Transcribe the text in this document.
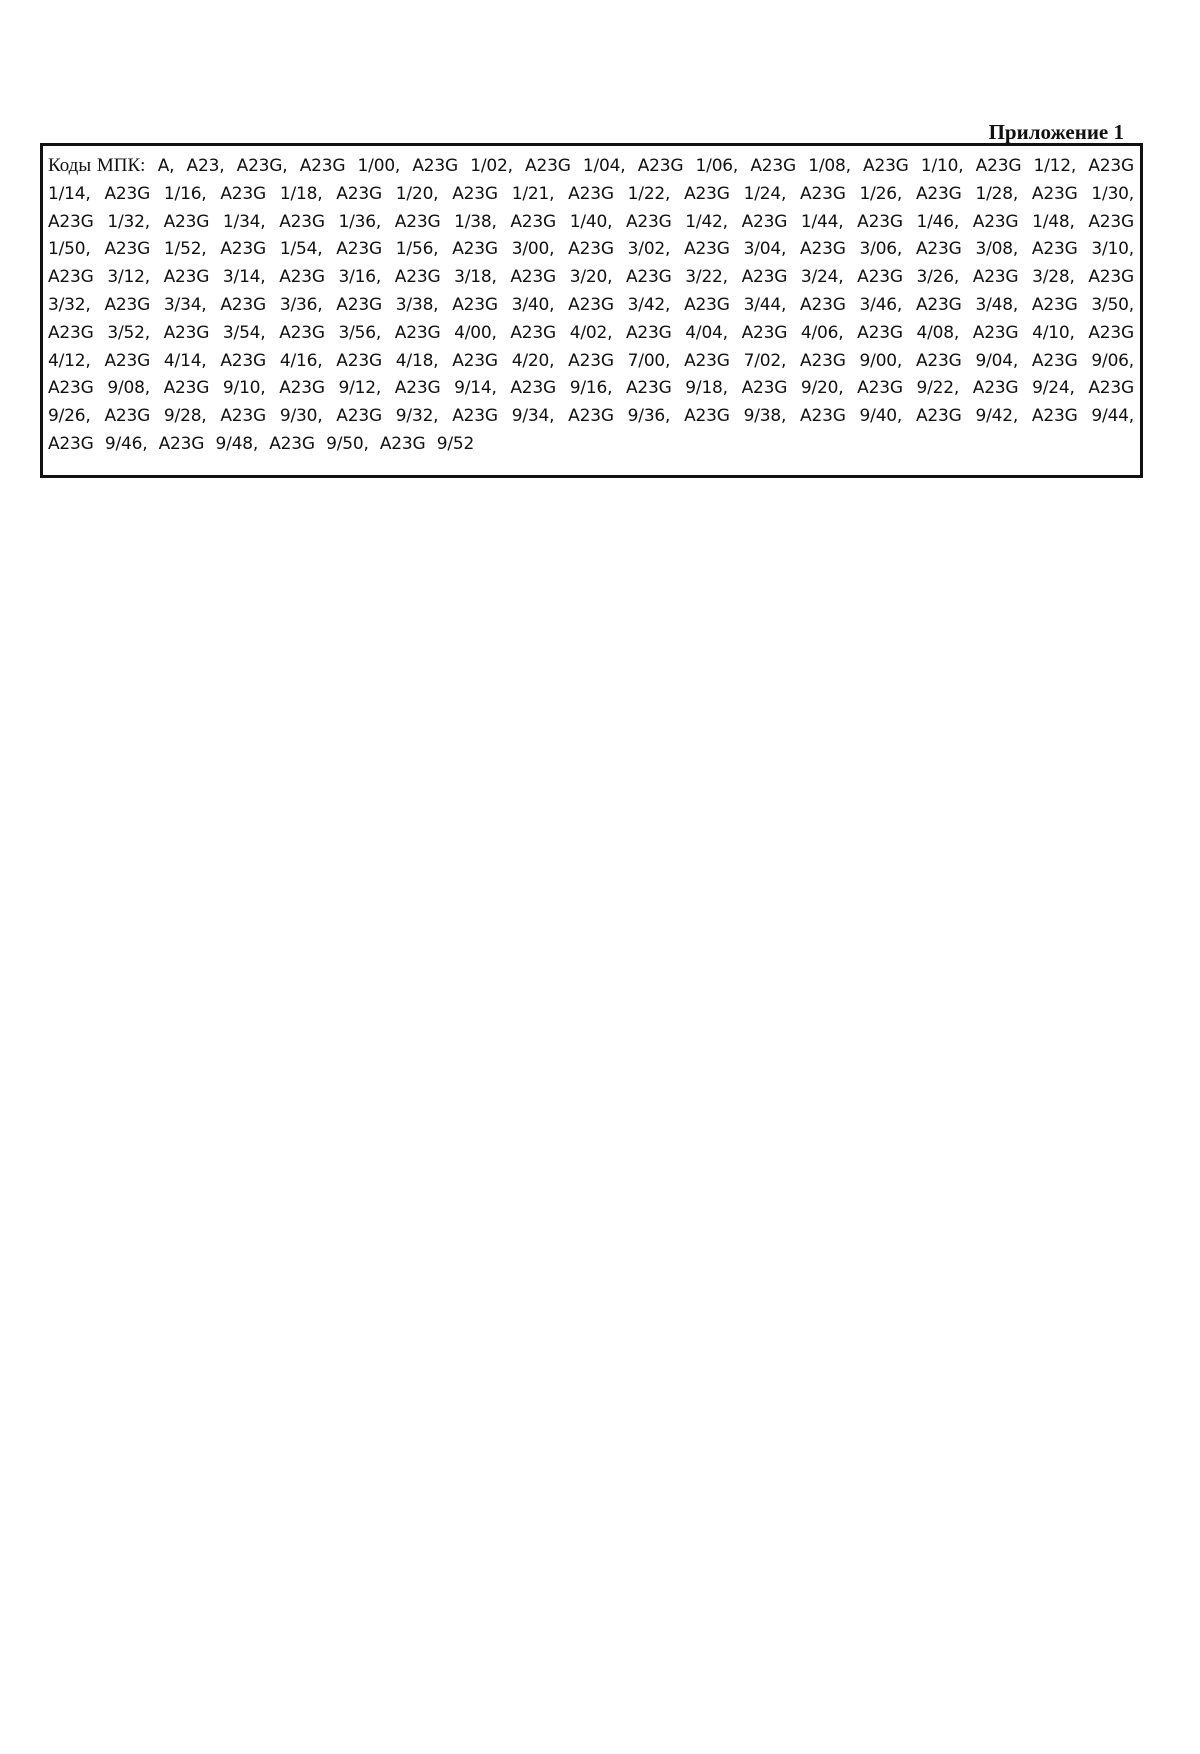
Приложение 1

Коды МПК: A, A23, A23G, A23G 1/00, A23G 1/02, A23G 1/04, A23G 1/06, A23G 1/08, A23G 1/10, A23G 1/12, A23G 1/14, A23G 1/16, A23G 1/18, A23G 1/20, A23G 1/21, A23G 1/22, A23G 1/24, A23G 1/26, A23G 1/28, A23G 1/30, A23G 1/32, A23G 1/34, A23G 1/36, A23G 1/38, A23G 1/40, A23G 1/42, A23G 1/44, A23G 1/46, A23G 1/48, A23G 1/50, A23G 1/52, A23G 1/54, A23G 1/56, A23G 3/00, A23G 3/02, A23G 3/04, A23G 3/06, A23G 3/08, A23G 3/10, A23G 3/12, A23G 3/14, A23G 3/16, A23G 3/18, A23G 3/20, A23G 3/22, A23G 3/24, A23G 3/26, A23G 3/28, A23G 3/32, A23G 3/34, A23G 3/36, A23G 3/38, A23G 3/40, A23G 3/42, A23G 3/44, A23G 3/46, A23G 3/48, A23G 3/50, A23G 3/52, A23G 3/54, A23G 3/56, A23G 4/00, A23G 4/02, A23G 4/04, A23G 4/06, A23G 4/08, A23G 4/10, A23G 4/12, A23G 4/14, A23G 4/16, A23G 4/18, A23G 4/20, A23G 7/00, A23G 7/02, A23G 9/00, A23G 9/04, A23G 9/06, A23G 9/08, A23G 9/10, A23G 9/12, A23G 9/14, A23G 9/16, A23G 9/18, A23G 9/20, A23G 9/22, A23G 9/24, A23G 9/26, A23G 9/28, A23G 9/30, A23G 9/32, A23G 9/34, A23G 9/36, A23G 9/38, A23G 9/40, A23G 9/42, A23G 9/44, A23G 9/46, A23G 9/48, A23G 9/50, A23G 9/52
